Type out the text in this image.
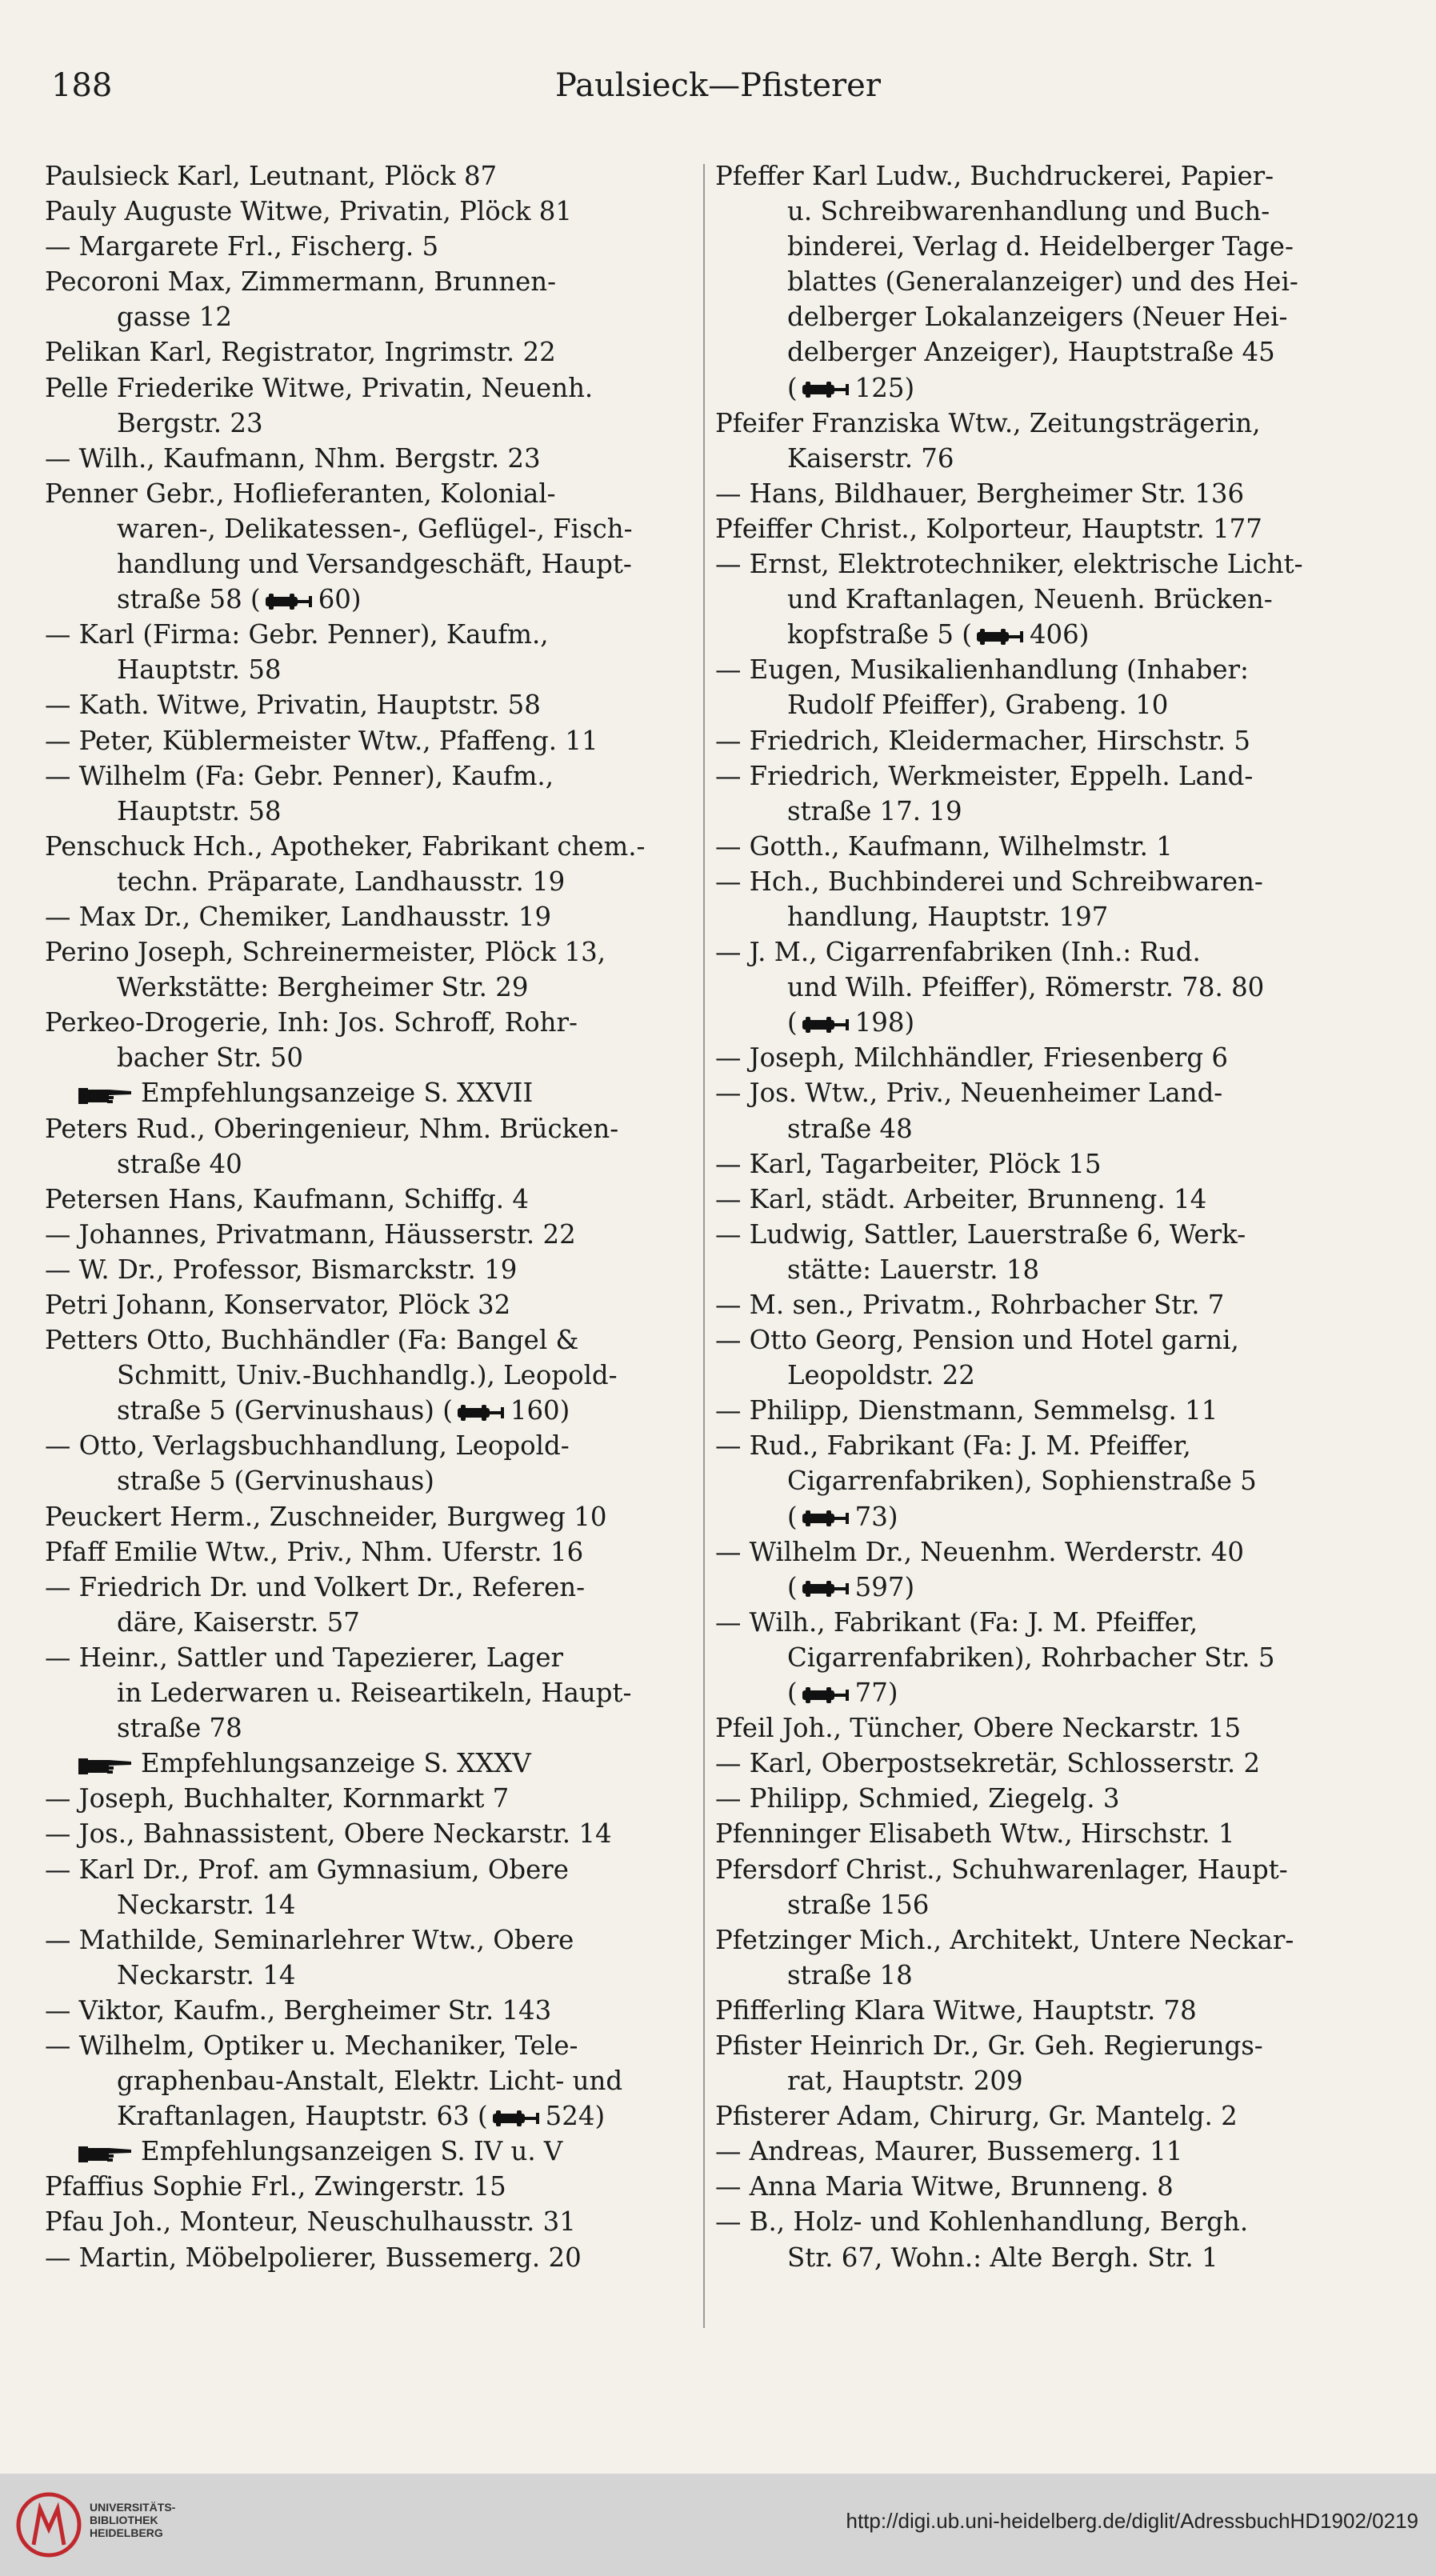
188	Paulsieck—Pfisterer
Paulsieck Karl, Leutnant, Plöck 87
Pauly Auguste Witwe, Privatin, Plöck 81
— Margarete Frl., Fischerg. 5
Pecoroni Max, Zimmermann, Brunnen-
gasse 12
Pelikan Karl, Registrator, Ingrimstr. 22
Pelle Friederike Witwe, Privatin, Neuenh.
Bergstr. 23
— Wilh., Kaufmann, Nhm. Bergstr. 23
Penner Gebr., Hoflieferanten, Kolonial-
waren-, Delikatessen-, Geflügel-, Fisch-
handlung und Versandgeschäft, Haupt-
straße 58 ( 60)
— Karl (Firma: Gebr. Penner), Kaufm.,
Hauptstr. 58
— Kath. Witwe, Privatin, Hauptstr. 58
— Peter, Küblermeister Wtw., Pfaffeng. 11
— Wilhelm (Fa: Gebr. Penner), Kaufm.,
Hauptstr. 58
Penschuck Hch., Apotheker, Fabrikant chem.-
techn. Präparate, Landhausstr. 19
— Max Dr., Chemiker, Landhausstr. 19
Perino Joseph, Schreinermeister, Plöck 13,
Werkstätte: Bergheimer Str. 29
Perkeo-Drogerie, Inh: Jos. Schroff, Rohr-
bacher Str. 50
Empfehlungsanzeige S. XXVII
Peters Rud., Oberingenieur, Nhm. Brücken-
straße 40
Petersen Hans, Kaufmann, Schiffg. 4
— Johannes, Privatmann, Häusserstr. 22
— W. Dr., Professor, Bismarckstr. 19
Petri Johann, Konservator, Plöck 32
Petters Otto, Buchhändler (Fa: Bangel &
Schmitt, Univ.-Buchhandlg.), Leopold-
straße 5 (Gervinushaus) ( 160)
— Otto, Verlagsbuchhandlung, Leopold-
straße 5 (Gervinushaus)
Peuckert Herm., Zuschneider, Burgweg 10
Pfaff Emilie Wtw., Priv., Nhm. Uferstr. 16
— Friedrich Dr. und Volkert Dr., Referen-
däre, Kaiserstr. 57
— Heinr., Sattler und Tapezierer, Lager
in Lederwaren u. Reiseartikeln, Haupt-
straße 78
Empfehlungsanzeige S. XXXV
— Joseph, Buchhalter, Kornmarkt 7
— Jos., Bahnassistent, Obere Neckarstr. 14
— Karl Dr., Prof. am Gymnasium, Obere
Neckarstr. 14
— Mathilde, Seminarlehrer Wtw., Obere
Neckarstr. 14
— Viktor, Kaufm., Bergheimer Str. 143
— Wilhelm, Optiker u. Mechaniker, Tele-
graphenbau-Anstalt, Elektr. Licht- und
Kraftanlagen, Hauptstr. 63 ( 524)
Empfehlungsanzeigen S. IV u. V
Pfaffius Sophie Frl., Zwingerstr. 15
Pfau Joh., Monteur, Neuschulhausstr. 31
— Martin, Möbelpolierer, Bussemerg. 20
Pfeffer Karl Ludw., Buchdruckerei, Papier-
u. Schreibwarenhandlung und Buch-
binderei, Verlag d. Heidelberger Tage-
blattes (Generalanzeiger) und des Hei-
delberger Lokalanzeigers (Neuer Hei-
delberger Anzeiger), Hauptstraße 45
( 125)
Pfeifer Franziska Wtw., Zeitungsträgerin,
Kaiserstr. 76
— Hans, Bildhauer, Bergheimer Str. 136
Pfeiffer Christ., Kolporteur, Hauptstr. 177
— Ernst, Elektrotechniker, elektrische Licht-
und Kraftanlagen, Neuenh. Brücken-
kopfstraße 5 ( 406)
— Eugen, Musikalienhandlung (Inhaber:
Rudolf Pfeiffer), Grabeng. 10
— Friedrich, Kleidermacher, Hirschstr. 5
— Friedrich, Werkmeister, Eppelh. Land-
straße 17. 19
— Gotth., Kaufmann, Wilhelmstr. 1
— Hch., Buchbinderei und Schreibwaren-
handlung, Hauptstr. 197
— J. M., Cigarrenfabriken (Inh.: Rud.
und Wilh. Pfeiffer), Römerstr. 78. 80
( 198)
— Joseph, Milchhändler, Friesenberg 6
— Jos. Wtw., Priv., Neuenheimer Land-
straße 48
— Karl, Tagarbeiter, Plöck 15
— Karl, städt. Arbeiter, Brunneng. 14
— Ludwig, Sattler, Lauerstraße 6, Werk-
stätte: Lauerstr. 18
— M. sen., Privatm., Rohrbacher Str. 7
— Otto Georg, Pension und Hotel garni,
Leopoldstr. 22
— Philipp, Dienstmann, Semmelsg. 11
— Rud., Fabrikant (Fa: J. M. Pfeiffer,
Cigarrenfabriken), Sophienstraße 5
( 73)
— Wilhelm Dr., Neuenhm. Werderstr. 40
( 597)
— Wilh., Fabrikant (Fa: J. M. Pfeiffer,
Cigarrenfabriken), Rohrbacher Str. 5
( 77)
Pfeil Joh., Tüncher, Obere Neckarstr. 15
— Karl, Oberpostsekretär, Schlosserstr. 2
— Philipp, Schmied, Ziegelg. 3
Pfenninger Elisabeth Wtw., Hirschstr. 1
Pfersdorf Christ., Schuhwarenlager, Haupt-
straße 156
Pfetzinger Mich., Architekt, Untere Neckar-
straße 18
Pfifferling Klara Witwe, Hauptstr. 78
Pfister Heinrich Dr., Gr. Geh. Regierungs-
rat, Hauptstr. 209
Pfisterer Adam, Chirurg, Gr. Mantelg. 2
— Andreas, Maurer, Bussemerg. 11
— Anna Maria Witwe, Brunneng. 8
— B., Holz- und Kohlenhandlung, Bergh.
Str. 67, Wohn.: Alte Bergh. Str. 1
UNIVERSITÄTS-
BIBLIOTHEK
HEIDELBERG	http://digi.ub.uni-heidelberg.de/diglit/AdressbuchHD1902/0219
